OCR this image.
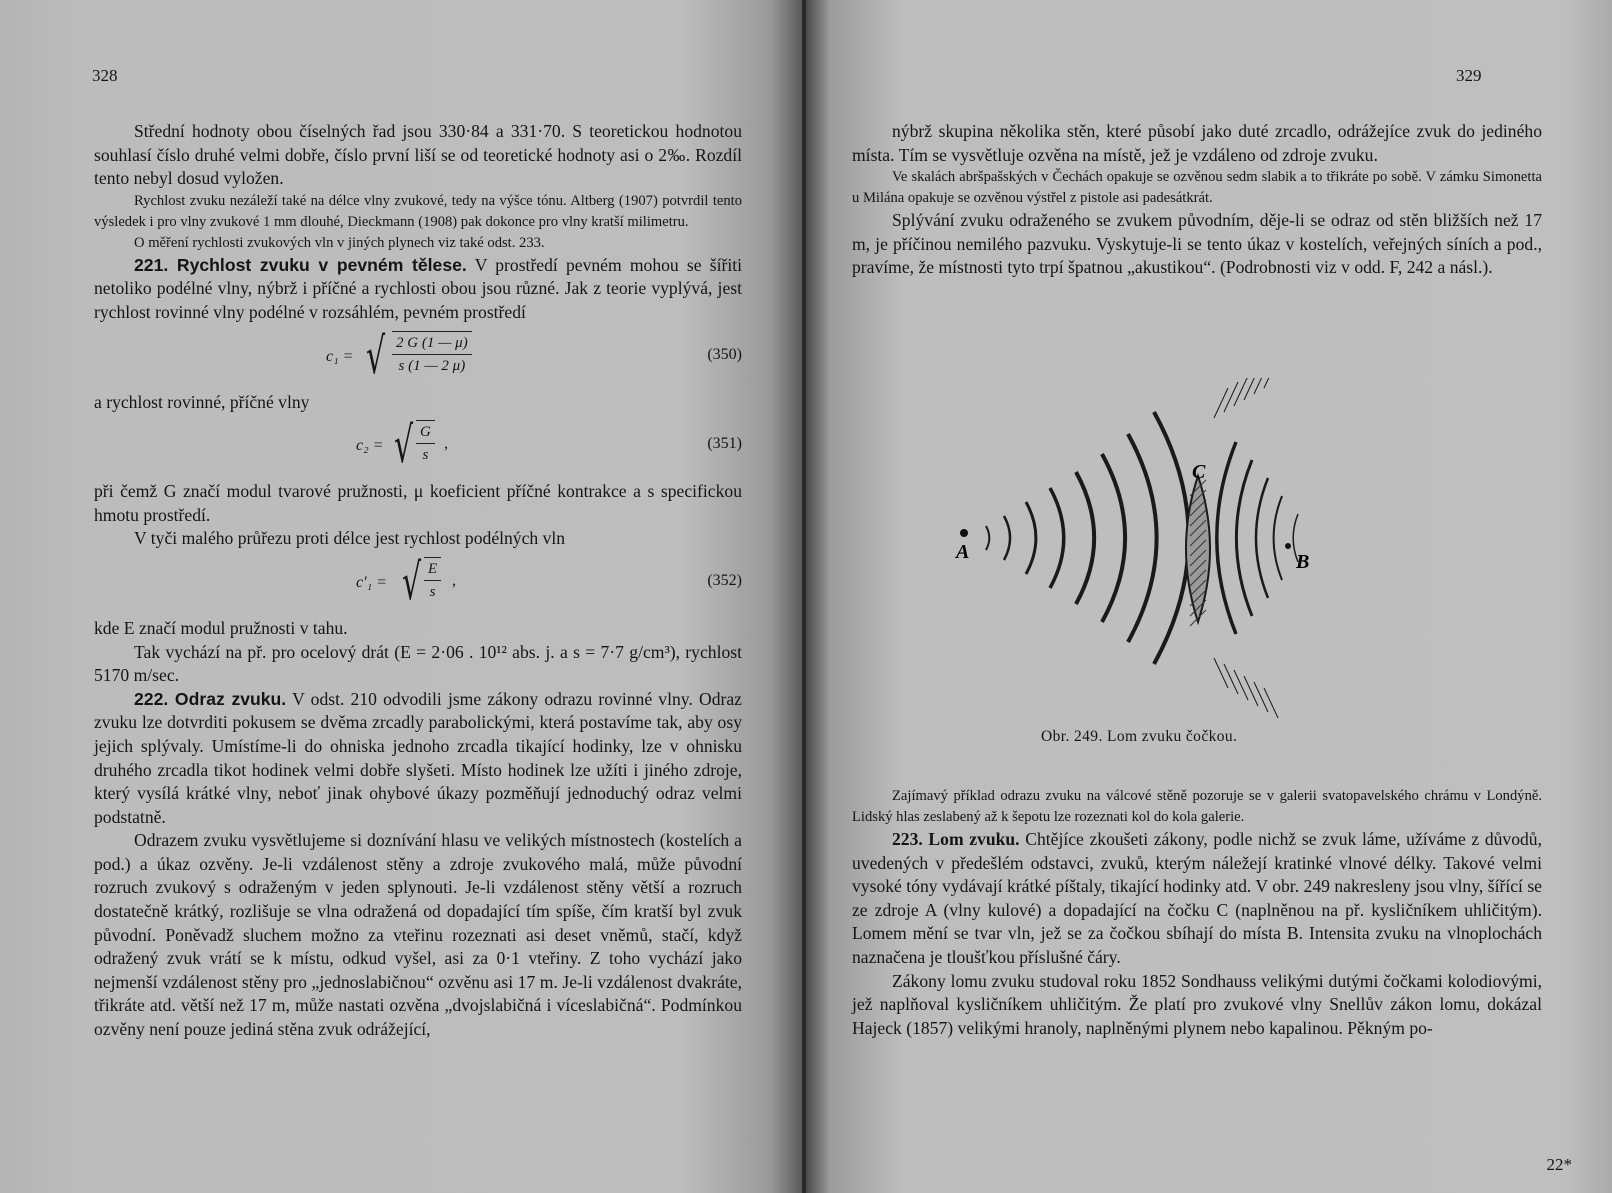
328

Střední hodnoty obou číselných řad jsou 330·84 a 331·70. S teoretickou hodnotou souhlasí číslo druhé velmi dobře, číslo první liší se od teoretické hodnoty asi o 2‰. Rozdíl tento nebyl dosud vyložen.

Rychlost zvuku nezáleží také na délce vlny zvukové, tedy na výšce tónu. Altberg (1907) potvrdil tento výsledek i pro vlny zvukové 1 mm dlouhé, Dieckmann (1908) pak dokonce pro vlny kratší milimetru.

O měření rychlosti zvukových vln v jiných plynech viz také odst. 233.

221. Rychlost zvuku v pevném tělese. V prostředí pevném mohou se šířiti netoliko podélné vlny, nýbrž i příčné a rychlosti obou jsou různé. Jak z teorie vyplývá, jest rychlost rovinné vlny podélné v rozsáhlém, pevném prostředí

c₁ = √ $\frac{2 G (1 — \mu)}{s (1 — 2 \mu)}$	(350)

a rychlost rovinné, příčné vlny

c₂ = √ $\frac{G}{s}$ ,	(351)

při čemž G značí modul tvarové pružnosti, μ koeficient příčné kontrakce a s specifickou hmotu prostředí.

V tyči malého průřezu proti délce jest rychlost podélných vln

c′₁ = √ $\frac{E}{s}$ ,	(352)

kde E značí modul pružnosti v tahu.

Tak vychází na př. pro ocelový drát (E = 2·06 . 10¹² abs. j. a s = 7·7 g/cm³), rychlost 5170 m/sec.

222. Odraz zvuku. V odst. 210 odvodili jsme zákony odrazu rovinné vlny. Odraz zvuku lze dotvrditi pokusem se dvěma zrcadly parabolickými, která postavíme tak, aby osy jejich splývaly. Umístíme-li do ohniska jednoho zrcadla tikající hodinky, lze v ohnisku druhého zrcadla tikot hodinek velmi dobře slyšeti. Místo hodinek lze užíti i jiného zdroje, který vysílá krátké vlny, neboť jinak ohybové úkazy pozměňují jednoduchý odraz velmi podstatně.

Odrazem zvuku vysvětlujeme si doznívání hlasu ve velikých místnostech (kostelích a pod.) a úkaz ozvěny. Je-li vzdálenost stěny a zdroje zvukového malá, může původní rozruch zvukový s odraženým v jeden splynouti. Je-li vzdálenost stěny větší a rozruch dostatečně krátký, rozlišuje se vlna odražená od dopadající tím spíše, čím kratší byl zvuk původní. Poněvadž sluchem možno za vteřinu rozeznati asi deset vněmů, stačí, když odražený zvuk vrátí se k místu, odkud vyšel, asi za 0·1 vteřiny. Z toho vychází jako nejmenší vzdálenost stěny pro „jednoslabičnou“ ozvěnu asi 17 m. Je-li vzdálenost dvakráte, třikráte atd. větší než 17 m, může nastati ozvěna „dvojslabičná i víceslabičná“. Podmínkou ozvěny není pouze jediná stěna zvuk odrážející,

329

nýbrž skupina několika stěn, které působí jako duté zrcadlo, odrážejíce zvuk do jediného místa. Tím se vysvětluje ozvěna na místě, jež je vzdáleno od zdroje zvuku.

Ve skalách abršpašských v Čechách opakuje se ozvěnou sedm slabik a to třikráte po sobě. V zámku Simonetta u Milána opakuje se ozvěnou výstřel z pistole asi padesátkrát.

Splývání zvuku odraženého se zvukem původním, děje-li se odraz od stěn bližších než 17 m, je příčinou nemilého pazvuku. Vyskytuje-li se tento úkaz v kostelích, veřejných síních a pod., pravíme, že místnosti tyto trpí špatnou „akustikou“. (Podrobnosti viz v odd. F, 242 a násl.).

A	B
C
Obr. 249. Lom zvuku čočkou.

Zajímavý příklad odrazu zvuku na válcové stěně pozoruje se v galerii svatopavelského chrámu v Londýně. Lidský hlas zeslabený až k šepotu lze rozeznati kol do kola galerie.

223. Lom zvuku. Chtějíce zkoušeti zákony, podle nichž se zvuk láme, užíváme z důvodů, uvedených v předešlém odstavci, zvuků, kterým náležejí kratinké vlnové délky. Takové velmi vysoké tóny vydávají krátké píštaly, tikající hodinky atd. V obr. 249 nakresleny jsou vlny, šířící se ze zdroje A (vlny kulové) a dopadající na čočku C (naplněnou na př. kysličníkem uhličitým). Lomem mění se tvar vln, jež se za čočkou sbíhají do místa B. Intensita zvuku na vlnoplochách naznačena je tloušťkou příslušné čáry.

Zákony lomu zvuku studoval roku 1852 Sondhauss velikými dutými čočkami kolodiovými, jež naplňoval kysličníkem uhličitým. Že platí pro zvukové vlny Snellův zákon lomu, dokázal Hajeck (1857) velikými hranoly, naplněnými plynem nebo kapalinou. Pěkným po-

22*
